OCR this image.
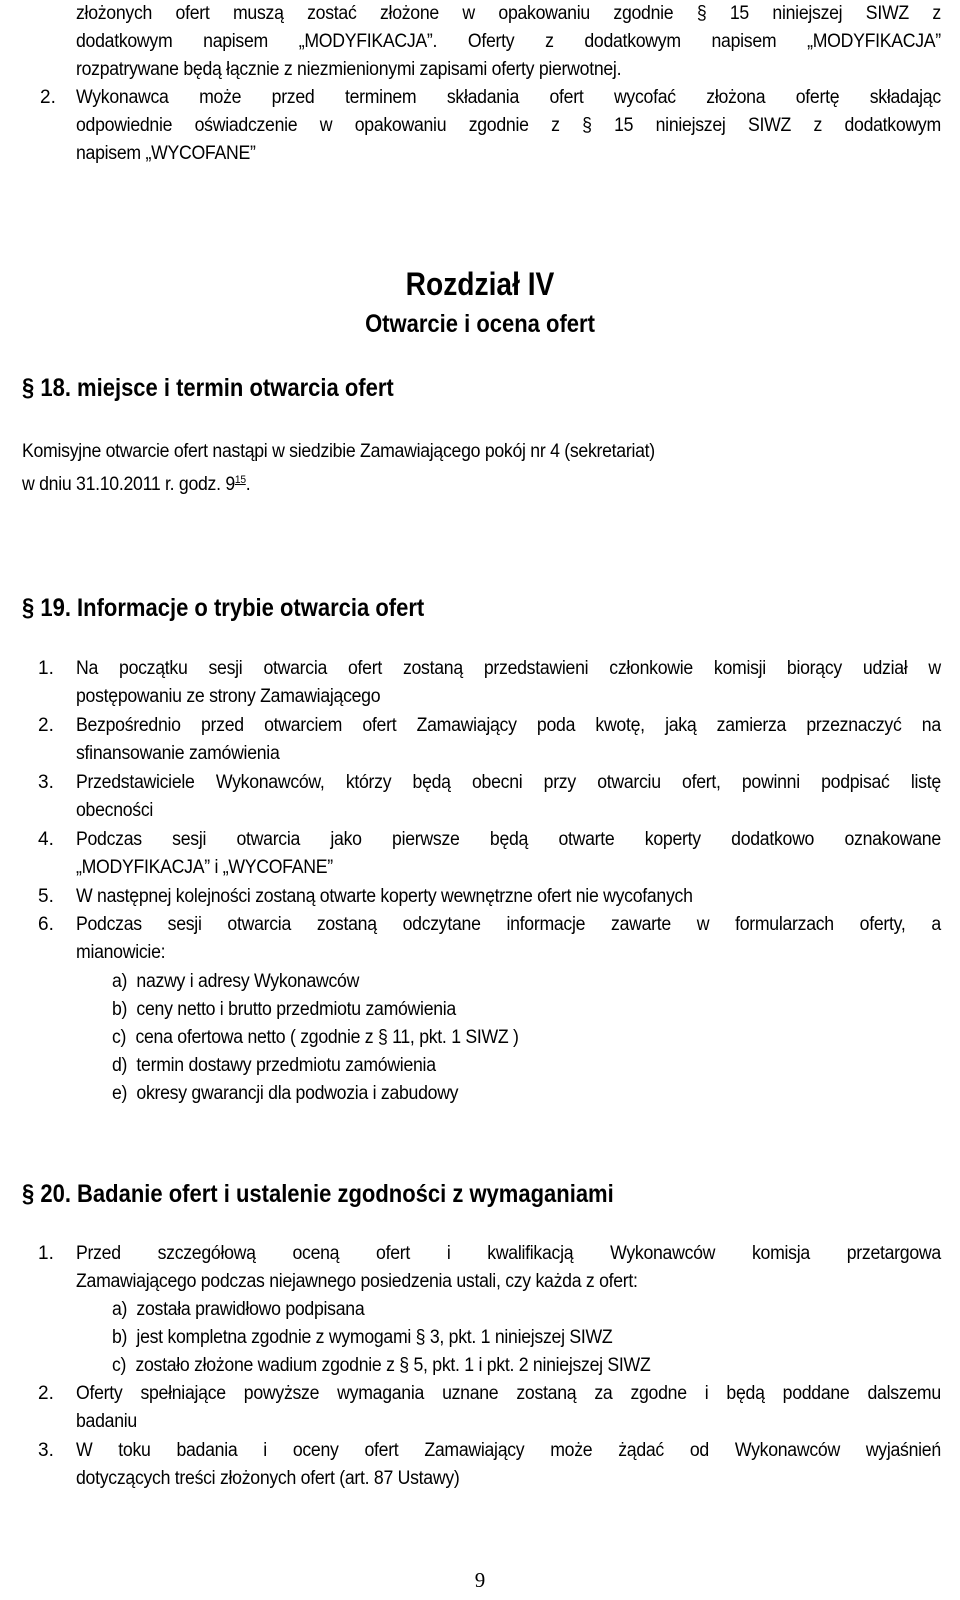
złożonych ofert muszą zostać złożone w opakowaniu zgodnie § 15 niniejszej SIWZ z
dodatkowym napisem „MODYFIKACJA”. Oferty z dodatkowym napisem „MODYFIKACJA”
rozpatrywane będą łącznie z niezmienionymi zapisami oferty pierwotnej.
2. Wykonawca może przed terminem składania ofert wycofać złożona ofertę składając
odpowiednie oświadczenie w opakowaniu zgodnie z § 15 niniejszej SIWZ z dodatkowym
napisem „WYCOFANE”
Rozdział IV
Otwarcie i ocena ofert
§ 18. miejsce i termin otwarcia ofert
Komisyjne otwarcie ofert nastąpi w siedzibie Zamawiającego pokój nr 4 (sekretariat)
w dniu 31.10.2011 r. godz. $9^{15}$.
§ 19. Informacje o trybie otwarcia ofert
1. Na początku sesji otwarcia ofert zostaną przedstawieni członkowie komisji biorący udział w
postępowaniu ze strony Zamawiającego
2. Bezpośrednio przed otwarciem ofert Zamawiający poda kwotę, jaką zamierza przeznaczyć na
sfinansowanie zamówienia
3. Przedstawiciele Wykonawców, którzy będą obecni przy otwarciu ofert, powinni podpisać listę
obecności
4. Podczas sesji otwarcia jako pierwsze będą otwarte koperty dodatkowo oznakowane
„MODYFIKACJA” i „WYCOFANE”
5. W następnej kolejności zostaną otwarte koperty wewnętrzne ofert nie wycofanych
6. Podczas sesji otwarcia zostaną odczytane informacje zawarte w formularzach oferty, a
mianowicie:
a) nazwy i adresy Wykonawców
b) ceny netto i brutto przedmiotu zamówienia
c) cena ofertowa netto ( zgodnie z § 11, pkt. 1 SIWZ )
d) termin dostawy przedmiotu zamówienia
e) okresy gwarancji dla podwozia i zabudowy
§ 20. Badanie ofert i ustalenie zgodności z wymaganiami
1. Przed szczegółową oceną ofert i kwalifikacją Wykonawców komisja przetargowa
Zamawiającego podczas niejawnego posiedzenia ustali, czy każda z ofert:
a) została prawidłowo podpisana
b) jest kompletna zgodnie z wymogami § 3, pkt. 1 niniejszej SIWZ
c) zostało złożone wadium zgodnie z § 5, pkt. 1 i pkt. 2 niniejszej SIWZ
2. Oferty spełniające powyższe wymagania uznane zostaną za zgodne i będą poddane dalszemu
badaniu
3. W toku badania i oceny ofert Zamawiający może żądać od Wykonawców wyjaśnień
dotyczących treści złożonych ofert (art. 87 Ustawy)
9
